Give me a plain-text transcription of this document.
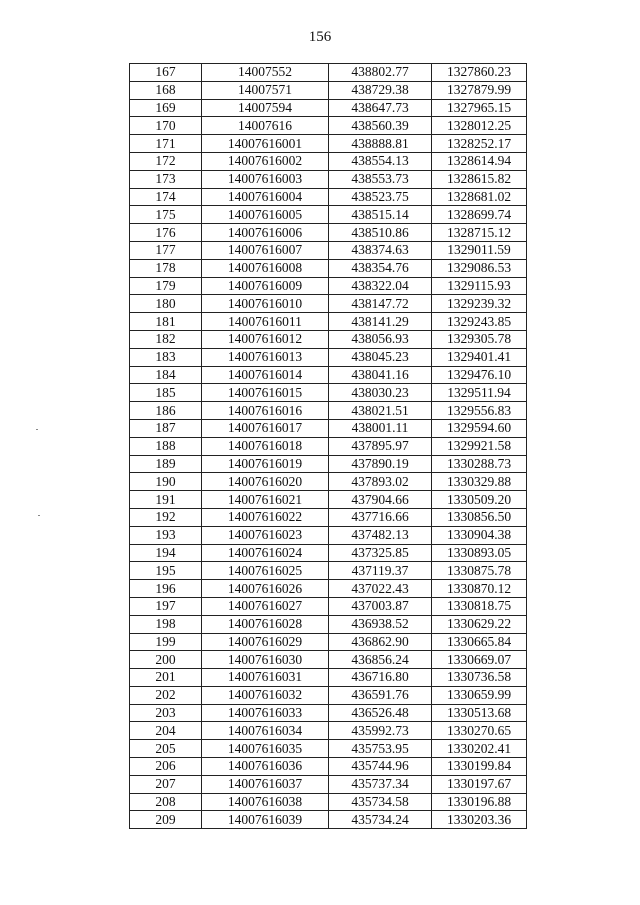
156
167	14007552	438802.77	1327860.23
168	14007571	438729.38	1327879.99
169	14007594	438647.73	1327965.15
170	14007616	438560.39	1328012.25
171	14007616001	438888.81	1328252.17
172	14007616002	438554.13	1328614.94
173	14007616003	438553.73	1328615.82
174	14007616004	438523.75	1328681.02
175	14007616005	438515.14	1328699.74
176	14007616006	438510.86	1328715.12
177	14007616007	438374.63	1329011.59
178	14007616008	438354.76	1329086.53
179	14007616009	438322.04	1329115.93
180	14007616010	438147.72	1329239.32
181	14007616011	438141.29	1329243.85
182	14007616012	438056.93	1329305.78
183	14007616013	438045.23	1329401.41
184	14007616014	438041.16	1329476.10
185	14007616015	438030.23	1329511.94
186	14007616016	438021.51	1329556.83
187	14007616017	438001.11	1329594.60
188	14007616018	437895.97	1329921.58
189	14007616019	437890.19	1330288.73
190	14007616020	437893.02	1330329.88
191	14007616021	437904.66	1330509.20
192	14007616022	437716.66	1330856.50
193	14007616023	437482.13	1330904.38
194	14007616024	437325.85	1330893.05
195	14007616025	437119.37	1330875.78
196	14007616026	437022.43	1330870.12
197	14007616027	437003.87	1330818.75
198	14007616028	436938.52	1330629.22
199	14007616029	436862.90	1330665.84
200	14007616030	436856.24	1330669.07
201	14007616031	436716.80	1330736.58
202	14007616032	436591.76	1330659.99
203	14007616033	436526.48	1330513.68
204	14007616034	435992.73	1330270.65
205	14007616035	435753.95	1330202.41
206	14007616036	435744.96	1330199.84
207	14007616037	435737.34	1330197.67
208	14007616038	435734.58	1330196.88
209	14007616039	435734.24	1330203.36
